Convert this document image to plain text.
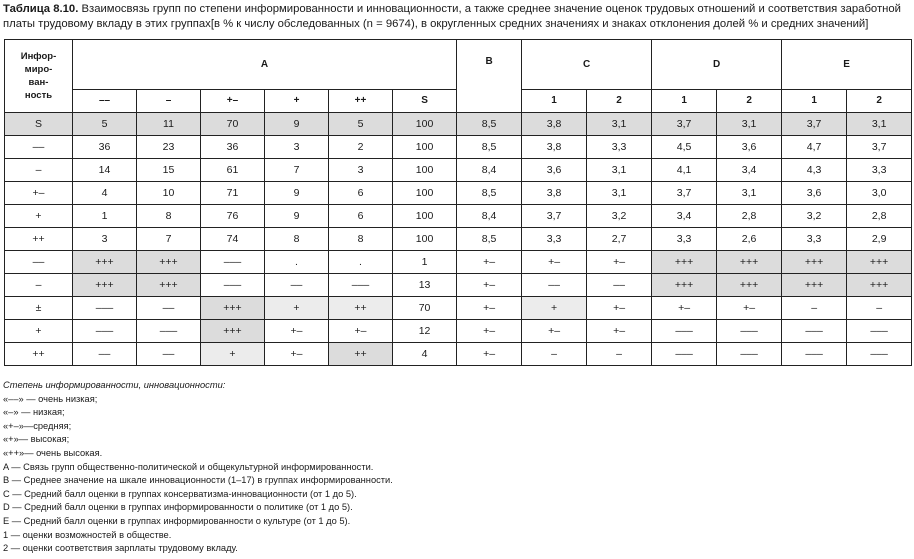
Таблица 8.10. Взаимосвязь групп по степени информированности и инновационности, а также среднее значение оценок трудовых отношений и соответствия заработной платы трудовому вкладу в этих группах[в % к числу обследованных (n = 9674), в округленных средних значениях и знаках отклонения долей % и средних значений]
Инфор-
миро-
ван-
ность	A						B	C		D		E	
	––	–	+–	+	++	S		1	2	1	2	1	2
S	5	11	70	9	5	100	8,5	3,8	3,1	3,7	3,1	3,7	3,1
––	36	23	36	3	2	100	8,5	3,8	3,3	4,5	3,6	4,7	3,7
–	14	15	61	7	3	100	8,4	3,6	3,1	4,1	3,4	4,3	3,3
+–	4	10	71	9	6	100	8,5	3,8	3,1	3,7	3,1	3,6	3,0
+	1	8	76	9	6	100	8,4	3,7	3,2	3,4	2,8	3,2	2,8
++	3	7	74	8	8	100	8,5	3,3	2,7	3,3	2,6	3,3	2,9
––	+++	+++	–––	.	.	1	+–	+–	+–	+++	+++	+++	+++
–	+++	+++	–––	––	–––	13	+–	––	––	+++	+++	+++	+++
±	–––	––	+++	+	++	70	+–	+	+–	+–	+–	–	–
+	–––	–––	+++	+–	+–	12	+–	+–	+–	–––	–––	–––	–––
++	––	––	+	+–	++	4	+–	–	–	–––	–––	–––	–––
Степень информированности, инновационности:
«––» — очень низкая;
«–» — низкая;
«+–»—средняя;
«+»— высокая;
«++»— очень высокая.
A — Связь групп общественно-политической и общекультурной информированности.
B — Среднее значение на шкале инновационности (1–17) в группах информированности.
C — Средний балл оценки в группах консерватизма-инновационности (от 1 до 5).
D — Средний балл оценки в группах информированности о политике (от 1 до 5).
E — Средний балл оценки в группах информированности о культуре (от 1 до 5).
1 — оценки возможностей в обществе.
2 — оценки соответствия зарплаты трудовому вкладу.
